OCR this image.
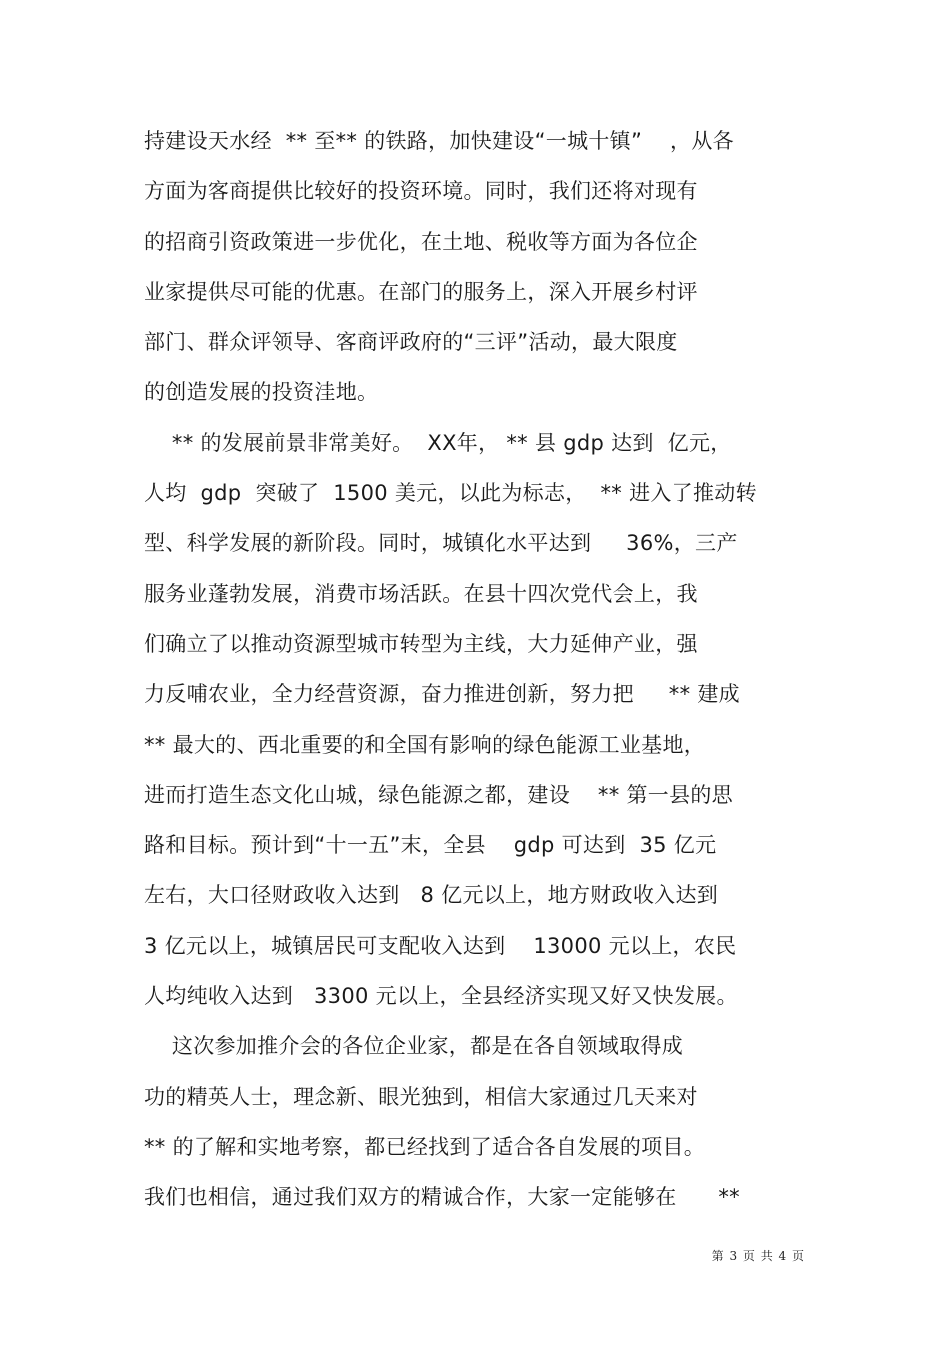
持建设天水经  ** 至** 的铁路，加快建设“一城十镇”    ，从各
方面为客商提供比较好的投资环境。同时，我们还将对现有
的招商引资政策进一步优化，在土地、税收等方面为各位企
业家提供尽可能的优惠。在部门的服务上，深入开展乡村评
部门、群众评领导、客商评政府的“三评”活动，最大限度
的创造发展的投资洼地。
** 的发展前景非常美好。  XX年， ** 县 gdp 达到  亿元，
人均  gdp  突破了  1500 美元，以此为标志，  ** 进入了推动转
型、科学发展的新阶段。同时，城镇化水平达到     36%，三产
服务业蓬勃发展，消费市场活跃。在县十四次党代会上，我
们确立了以推动资源型城市转型为主线，大力延伸产业，强
力反哺农业，全力经营资源，奋力推进创新，努力把     ** 建成
** 最大的、西北重要的和全国有影响的绿色能源工业基地，
进而打造生态文化山城，绿色能源之都，建设    ** 第一县的思
路和目标。预计到“十一五”末，全县    gdp 可达到  35 亿元
左右，大口径财政收入达到   8 亿元以上，地方财政收入达到
3 亿元以上，城镇居民可支配收入达到    13000 元以上，农民
人均纯收入达到   3300 元以上，全县经济实现又好又快发展。
这次参加推介会的各位企业家，都是在各自领域取得成
功的精英人士，理念新、眼光独到，相信大家通过几天来对
** 的了解和实地考察，都已经找到了适合各自发展的项目。
我们也相信，通过我们双方的精诚合作，大家一定能够在      **
第 3 页 共 4 页
